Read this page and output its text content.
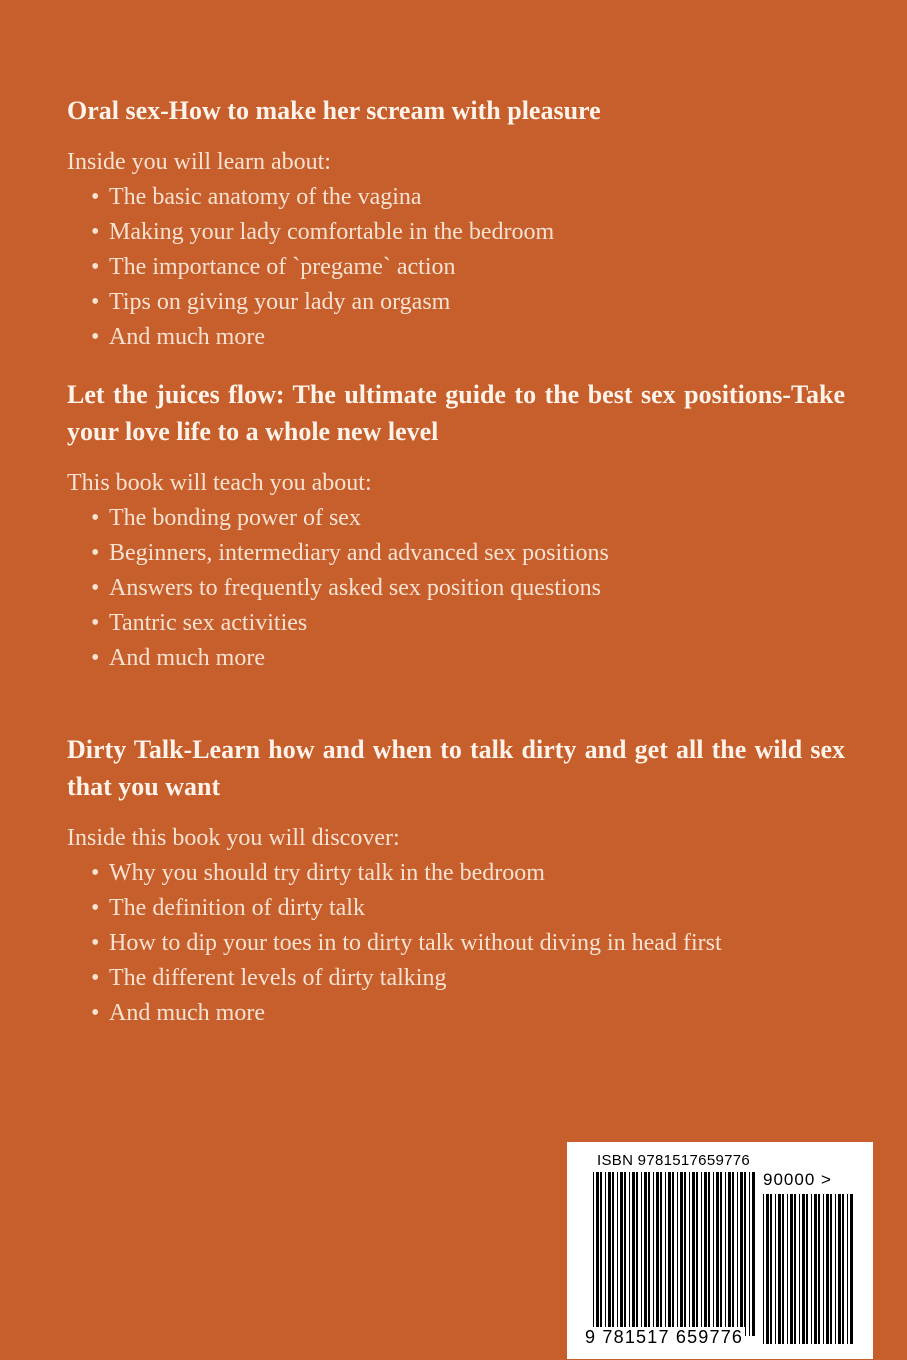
Oral sex-How to make her scream with pleasure

Inside you will learn about:

• The basic anatomy of the vagina
• Making your lady comfortable in the bedroom
• The importance of `pregame` action
• Tips on giving your lady an orgasm
• And much more

Let the juices flow: The ultimate guide to the best sex positions-Take your love life to a whole new level

This book will teach you about:

• The bonding power of sex
• Beginners, intermediary and advanced sex positions
• Answers to frequently asked sex position questions
• Tantric sex activities
• And much more

Dirty Talk-Learn how and when to talk dirty and get all the wild sex that you want

Inside this book you will discover:

• Why you should try dirty talk in the bedroom
• The definition of dirty talk
• How to dip your toes in to dirty talk without diving in head first
• The different levels of dirty talking
• And much more
ISBN 9781517659776
90000 >
9 781517 659776
